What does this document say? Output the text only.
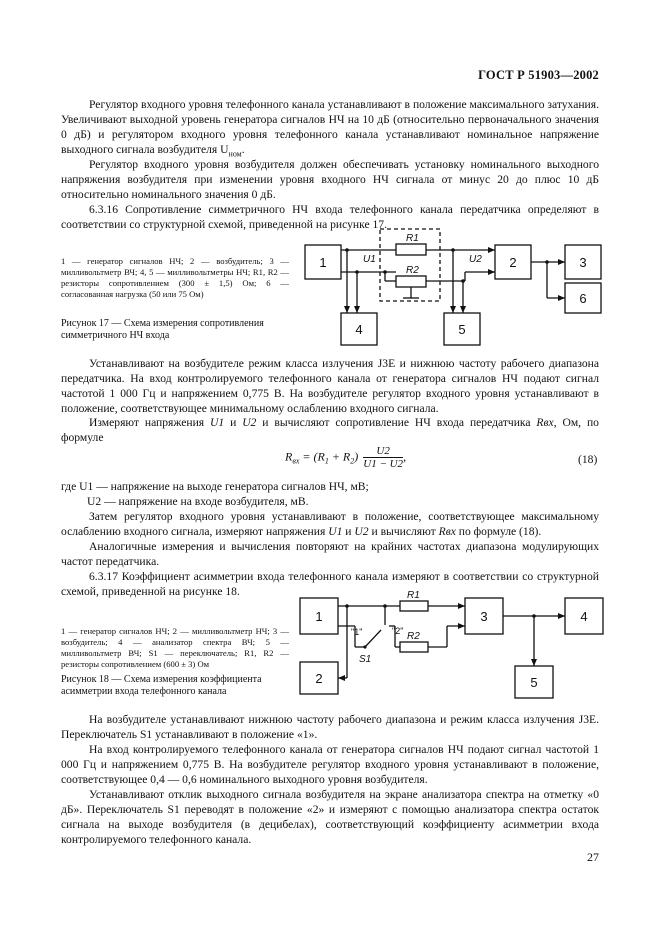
ГОСТ Р 51903—2002

Регулятор входного уровня телефонного канала устанавливают в положение максимального затухания. Увеличивают выходной уровень генератора сигналов НЧ на 10 дБ (относительно первоначального значения 0 дБ) и регулятором входного уровня телефонного канала устанавливают номинальное напряжение выходного сигнала возбудителя $U_{ном}$.

Регулятор входного уровня возбудителя должен обеспечивать установку номинального выходного напряжения возбудителя при изменении уровня входного НЧ сигнала от минус 20 до плюс 10 дБ относительно номинального значения 0 дБ.

6.3.16 Сопротивление симметричного НЧ входа телефонного канала передатчика определяют в соответствии со структурной схемой, приведенной на рисунке 17.

1 — генератор сигналов НЧ; 2 — возбудитель; 3 — милливольтметр ВЧ; 4, 5 — милливольтметры НЧ; R1, R2 — резисторы сопротивлением (300 ± 1,5) Ом; 6 — согласованная нагрузка (50 или 75 Ом)

Рисунок 17 — Схема измерения сопротивления симметричного НЧ входа

1	2	3
4	5
6
R1
R2
U1	U2

Устанавливают на возбудителе режим класса излучения J3E и нижнюю частоту рабочего диапазона передатчика. На вход контролируемого телефонного канала от генератора сигналов НЧ подают сигнал частотой 1 000 Гц и напряжением 0,775 В. На возбудителе регулятор входного уровня устанавливают в положение, соответствующее минимальному ослаблению входного сигнала.

Измеряют напряжения U1 и U2 и вычисляют сопротивление НЧ входа передатчика Rвх, Ом, по формуле

$R_{вх} = (R_1 + R_2) \frac{U2}{U1 - U2}$ ,	(18)

где U1 — напряжение на выходе генератора сигналов НЧ, мВ;

U2 — напряжение на входе возбудителя, мВ.

Затем регулятор входного уровня устанавливают в положение, соответствующее максимальному ослаблению входного сигнала, измеряют напряжения U1 и U2 и вычисляют Rвх по формуле (18).

Аналогичные измерения и вычисления повторяют на крайних частотах диапазона модулирующих частот передатчика.

6.3.17 Коэффициент асимметрии входа телефонного канала измеряют в соответствии со структурной схемой, приведенной на рисунке 18.

1 — генератор сигналов НЧ; 2 — милливольтметр НЧ; 3 — возбудитель; 4 — анализатор спектра ВЧ; 5 — милливольтметр ВЧ; S1 — переключатель; R1, R2 — резисторы сопротивлением (600 ± 3) Ом

Рисунок 18 — Схема измерения коэффициента асимметрии входа телефонного канала

1
2
3	4
5
R1
R2
S1
"1"	"2"

На возбудителе устанавливают нижнюю частоту рабочего диапазона и режим класса излучения J3E. Переключатель S1 устанавливают в положение «1».

На вход контролируемого телефонного канала от генератора сигналов НЧ подают сигнал частотой 1 000 Гц и напряжением 0,775 В. На возбудителе регулятор входного уровня устанавливают в положение, соответствующее 0,4 — 0,6 номинального выходного уровня возбудителя.

Устанавливают отклик выходного сигнала возбудителя на экране анализатора спектра на отметку «0 дБ». Переключатель S1 переводят в положение «2» и измеряют с помощью анализатора спектра остаток сигнала на выходе возбудителя (в децибелах), соответствующий коэффициенту асимметрии входа контролируемого телефонного канала.

27
